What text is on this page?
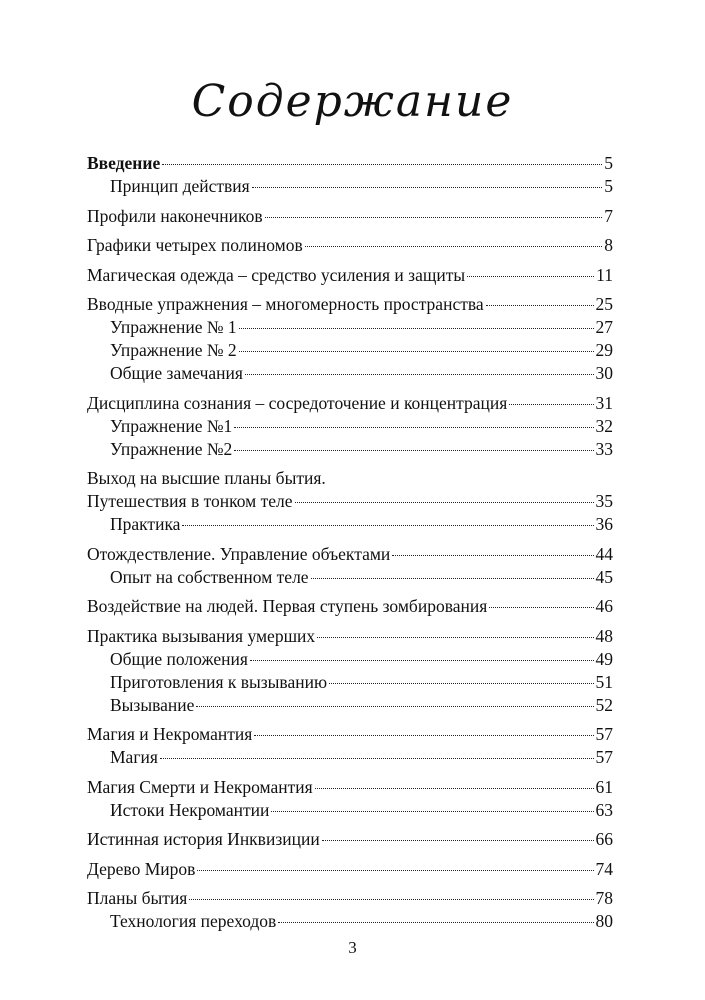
Содержание
Введение	5
Принцип действия	5
Профили наконечников	7
Графики четырех полиномов	8
Магическая одежда – средство усиления и защиты	11
Вводные упражнения – многомерность пространства	25
Упражнение № 1	27
Упражнение № 2	29
Общие замечания	30
Дисциплина сознания – сосредоточение и концентрация	31
Упражнение №1	32
Упражнение №2	33
Выход на высшие планы бытия.
Путешествия в тонком теле	35
Практика	36
Отождествление. Управление объектами	44
Опыт на собственном теле	45
Воздействие на людей. Первая ступень зомбирования	46
Практика вызывания умерших	48
Общие положения	49
Приготовления к вызыванию	51
Вызывание	52
Магия и Некромантия	57
Магия	57
Магия Смерти и Некромантия	61
Истоки Некромантии	63
Истинная история Инквизиции	66
Дерево Миров	74
Планы бытия	78
Технология переходов	80
3
